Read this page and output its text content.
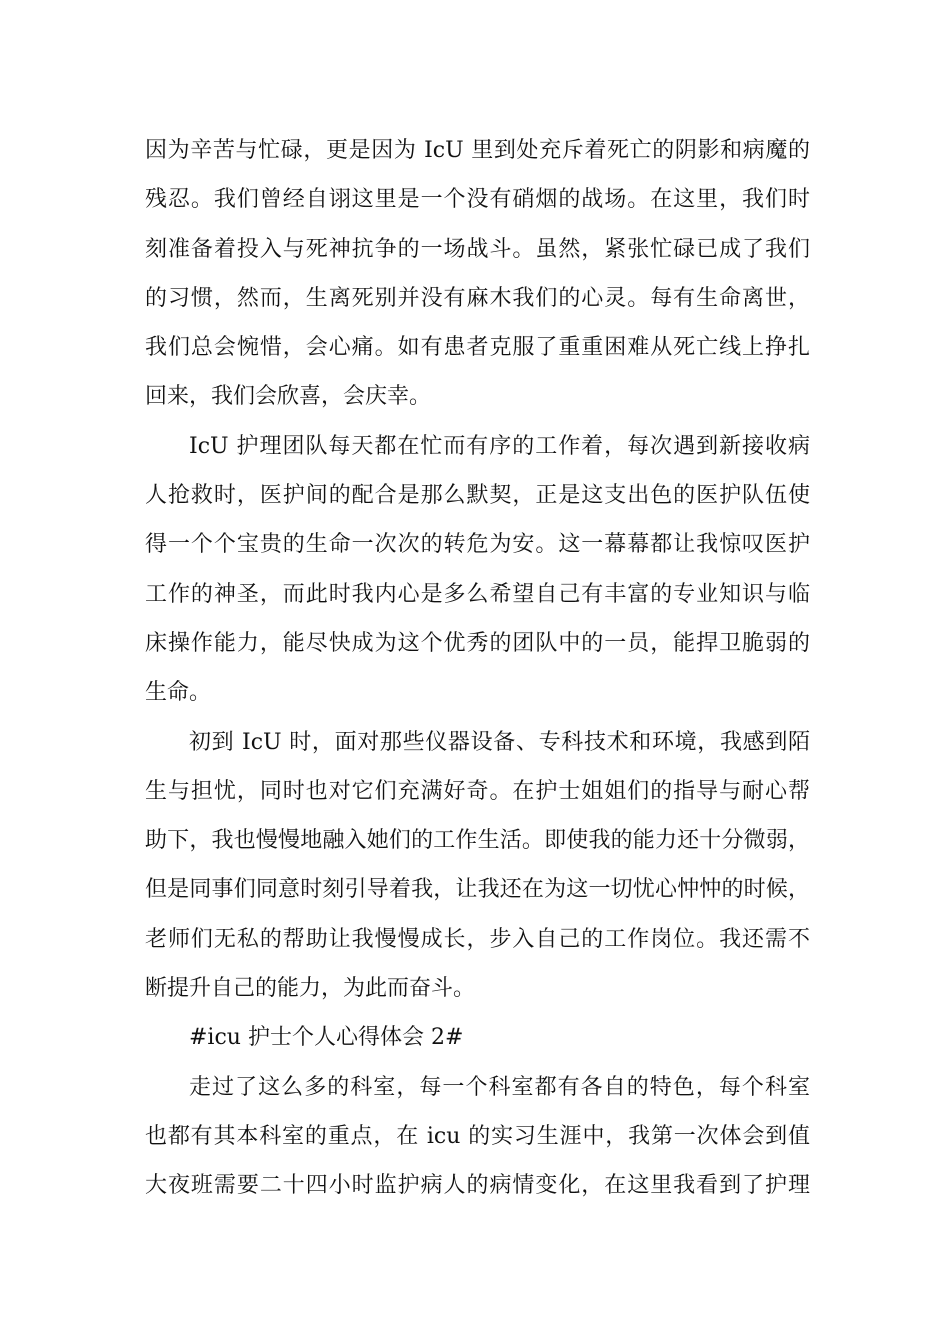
因为辛苦与忙碌，更是因为 IcU 里到处充斥着死亡的阴影和病魔的
残忍。我们曾经自诩这里是一个没有硝烟的战场。在这里，我们时
刻准备着投入与死神抗争的一场战斗。虽然，紧张忙碌已成了我们
的习惯，然而，生离死别并没有麻木我们的心灵。每有生命离世，
我们总会惋惜，会心痛。如有患者克服了重重困难从死亡线上挣扎
回来，我们会欣喜，会庆幸。
IcU 护理团队每天都在忙而有序的工作着，每次遇到新接收病
人抢救时，医护间的配合是那么默契，正是这支出色的医护队伍使
得一个个宝贵的生命一次次的转危为安。这一幕幕都让我惊叹医护
工作的神圣，而此时我内心是多么希望自己有丰富的专业知识与临
床操作能力，能尽快成为这个优秀的团队中的一员，能捍卫脆弱的
生命。
初到 IcU 时，面对那些仪器设备、专科技术和环境，我感到陌
生与担忧，同时也对它们充满好奇。在护士姐姐们的指导与耐心帮
助下，我也慢慢地融入她们的工作生活。即使我的能力还十分微弱，
但是同事们同意时刻引导着我，让我还在为这一切忧心忡忡的时候，
老师们无私的帮助让我慢慢成长，步入自己的工作岗位。我还需不
断提升自己的能力，为此而奋斗。
#icu 护士个人心得体会 2#
走过了这么多的科室，每一个科室都有各自的特色，每个科室
也都有其本科室的重点，在 icu 的实习生涯中，我第一次体会到值
大夜班需要二十四小时监护病人的病情变化，在这里我看到了护理
